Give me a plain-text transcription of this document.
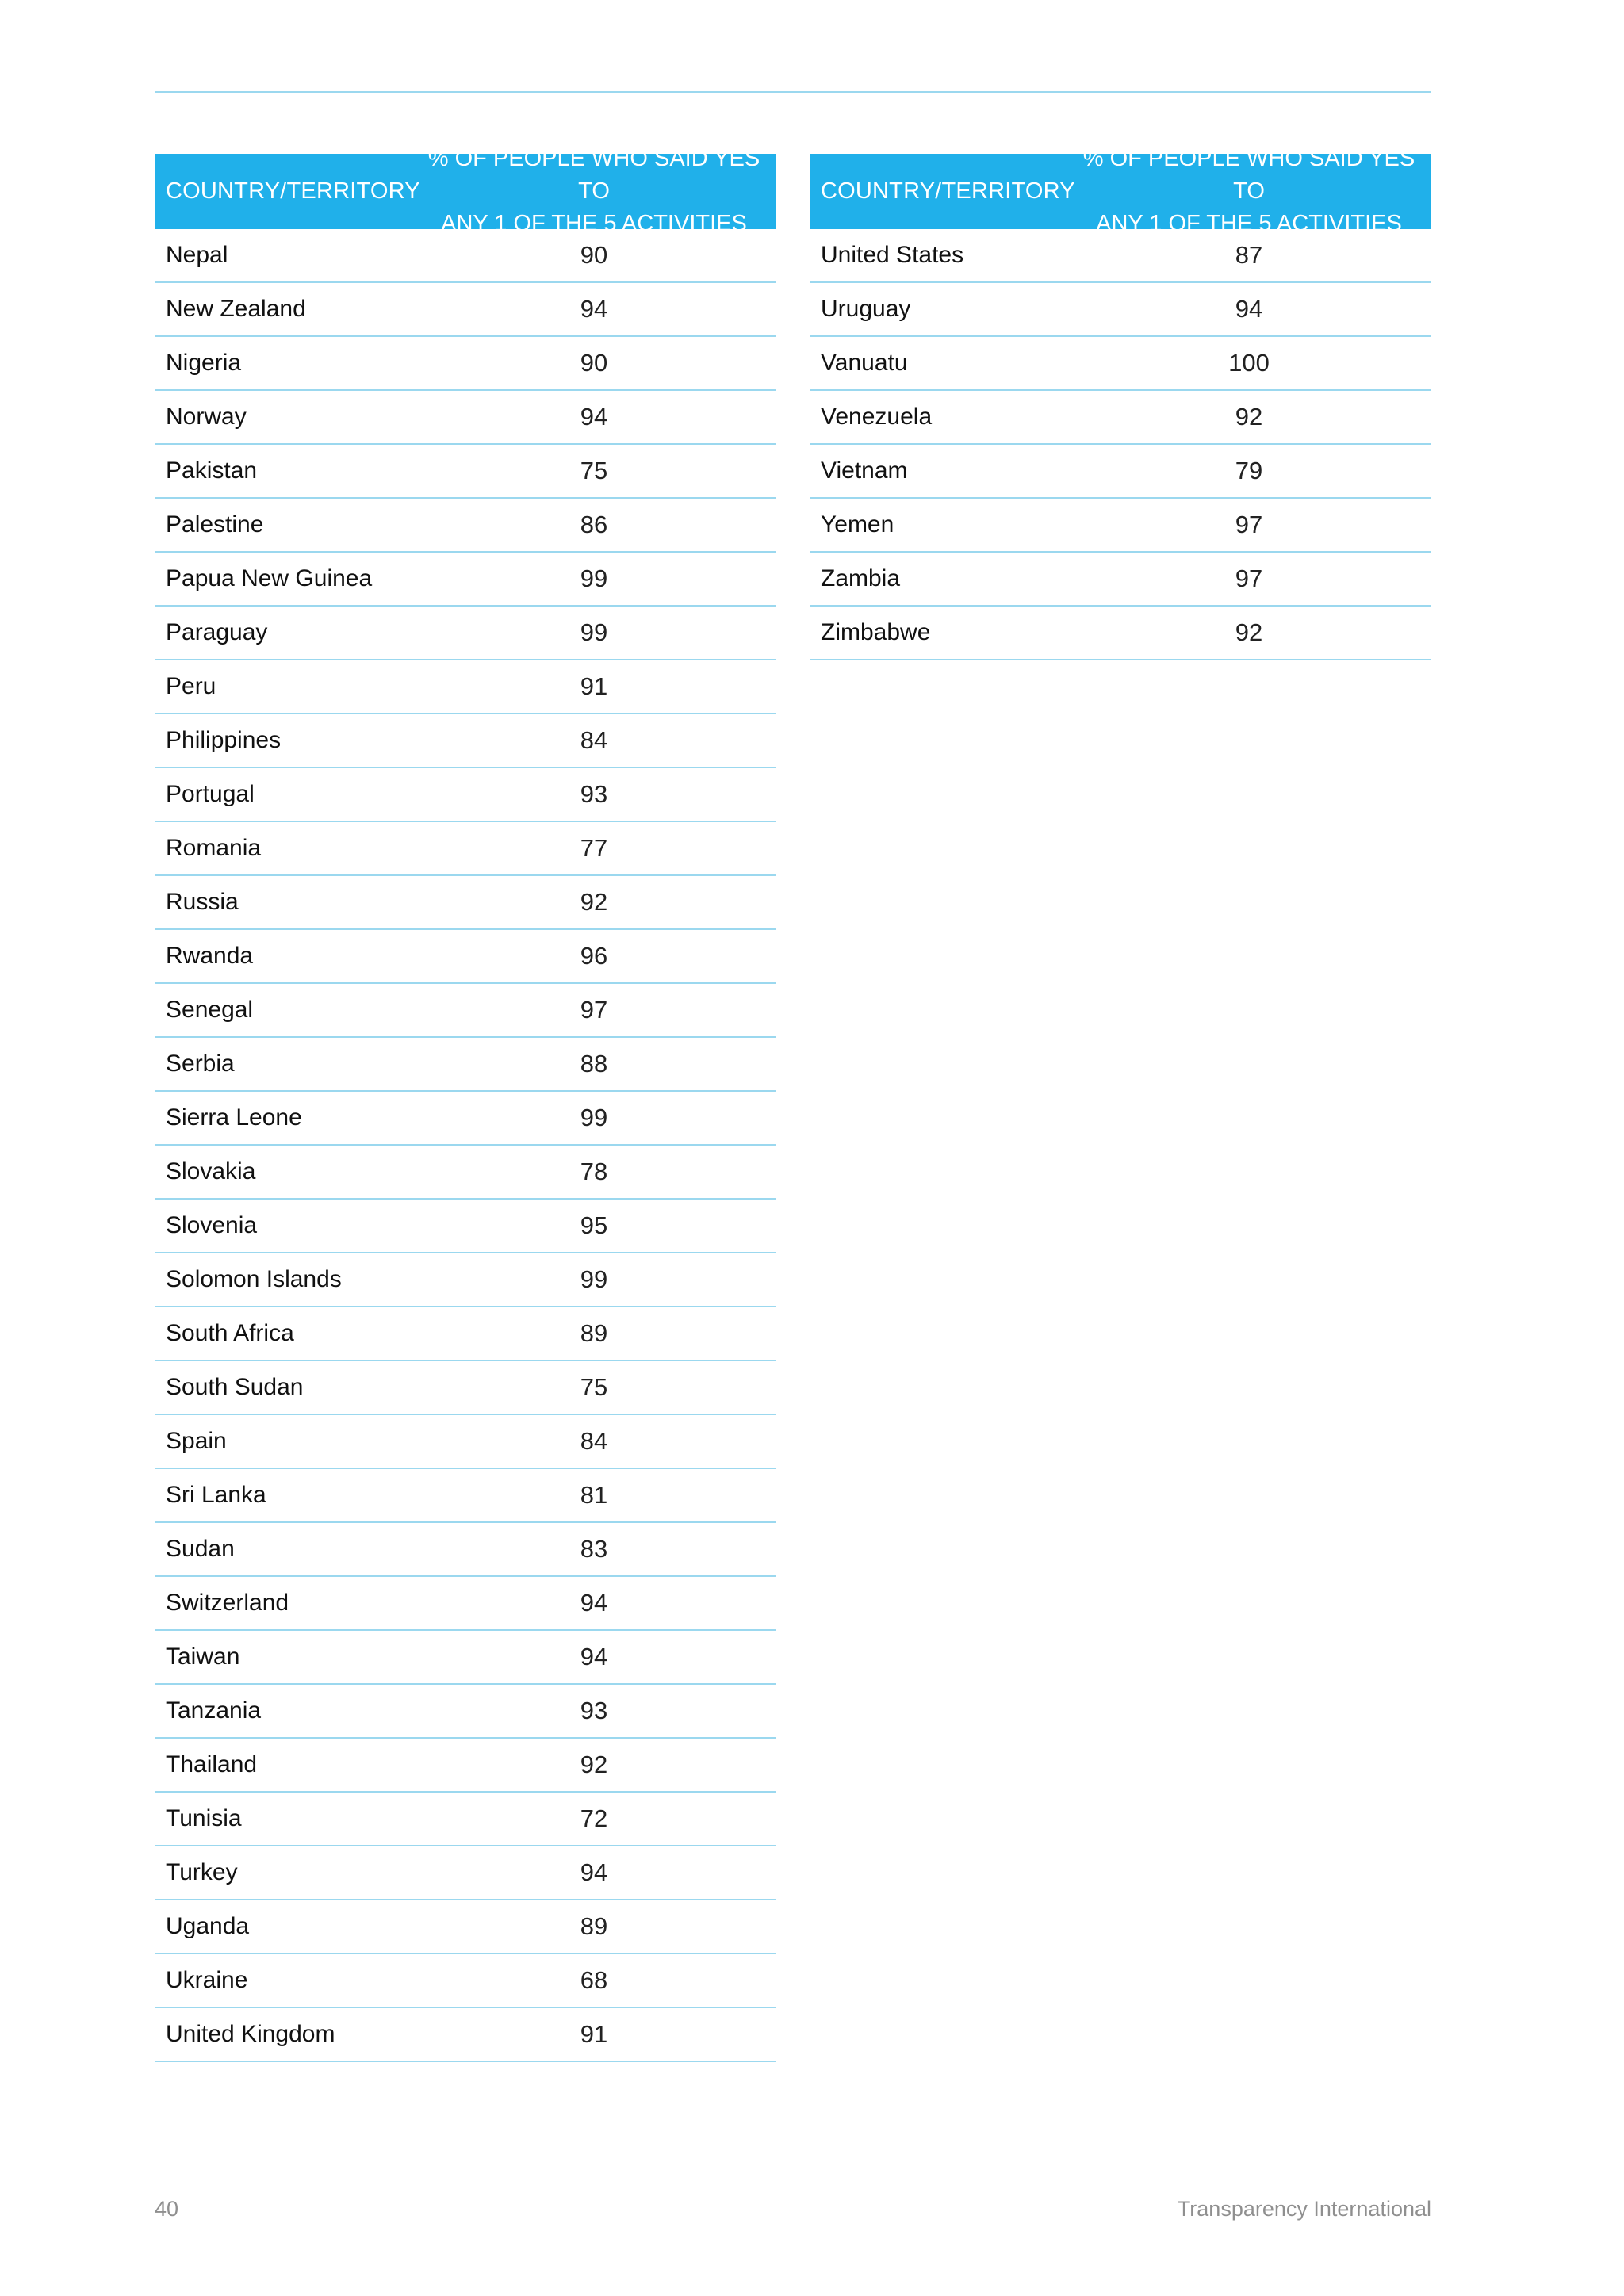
COUNTRY/TERRITORY
% OF PEOPLE WHO SAID YES TO
ANY 1 OF THE 5 ACTIVITIES
Nepal	90
New Zealand	94
Nigeria	90
Norway	94
Pakistan	75
Palestine	86
Papua New Guinea	99
Paraguay	99
Peru	91
Philippines	84
Portugal	93
Romania	77
Russia	92
Rwanda	96
Senegal	97
Serbia	88
Sierra Leone	99
Slovakia	78
Slovenia	95
Solomon Islands	99
South Africa	89
South Sudan	75
Spain	84
Sri Lanka	81
Sudan	83
Switzerland	94
Taiwan	94
Tanzania	93
Thailand	92
Tunisia	72
Turkey	94
Uganda	89
Ukraine	68
United Kingdom	91
COUNTRY/TERRITORY
% OF PEOPLE WHO SAID YES TO
ANY 1 OF THE 5 ACTIVITIES
United States	87
Uruguay	94
Vanuatu	100
Venezuela	92
Vietnam	79
Yemen	97
Zambia	97
Zimbabwe	92
40	Transparency International
